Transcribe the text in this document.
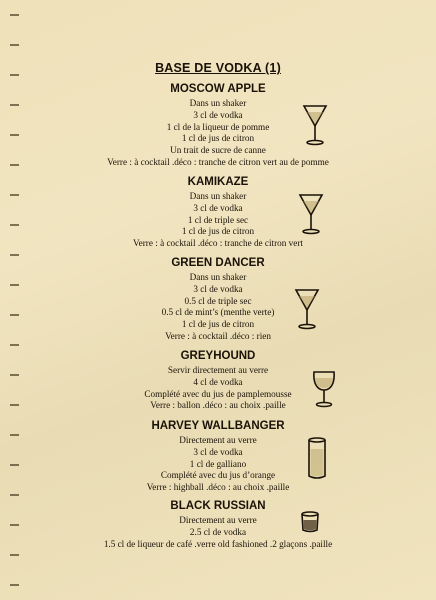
BASE DE VODKA (1)
MOSCOW APPLE
Dans un shaker
3 cl de vodka
1 cl de la liqueur de pomme
1 cl de jus de citron
Un trait de sucre de canne
Verre : à cocktail .déco : tranche de citron vert au de pomme
KAMIKAZE
Dans un shaker
3 cl de vodka
1 cl de triple sec
1 cl de jus de citron
Verre : à cocktail .déco : tranche de citron vert
GREEN DANCER
Dans un shaker
3 cl de vodka
0.5 cl de triple sec
0.5 cl de mint’s (menthe verte)
1 cl de jus de citron
Verre : à cocktail .déco : rien
GREYHOUND
Servir directement au verre
4 cl de vodka
Complété avec du jus de pamplemousse
Verre : ballon .déco : au choix .paille
HARVEY WALLBANGER
Directement au verre
3 cl de vodka
1 cl de galliano
Complété avec du jus d’orange
Verre : highball .déco : au choix .paille
BLACK RUSSIAN
Directement au verre
2.5 cl de vodka
1.5 cl de liqueur de café .verre old fashioned .2 glaçons .paille
